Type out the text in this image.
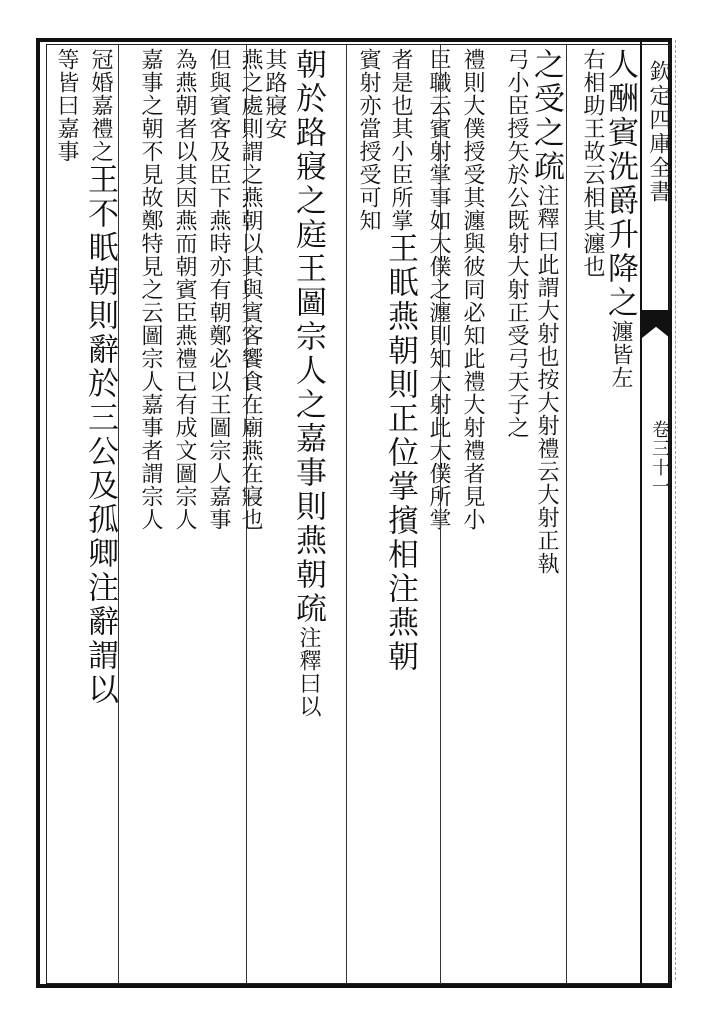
欽定四庫全書
卷三十一
人酬賓洗爵升降之瀍皆左
右相助王故云相其瀍也
之受之疏注釋曰此謂大射也按大射禮云大射正執
弓小臣授矢於公既射大射正受弓天子之
禮則大僕授受其瀍與彼同必知此禮大射禮者見小
臣職云賓射掌事如大僕之瀍則知大射此大僕所掌
者是也其小臣所掌王眂燕朝則正位掌擯相注燕朝
賓射亦當授受可知
朝於路寢之庭王圖宗人之嘉事則燕朝疏注釋曰以
其路寢安
燕之處則謂之燕朝以其與賓客饗食在廟燕在寢也
但與賓客及臣下燕時亦有朝鄭必以王圖宗人嘉事
為燕朝者以其因燕而朝賓臣燕禮已有成文圖宗人
嘉事之朝不見故鄭特見之云圖宗人嘉事者謂宗人
冠婚嘉禮之王不眂朝則辭於三公及孤卿注辭謂以
等皆曰嘉事
